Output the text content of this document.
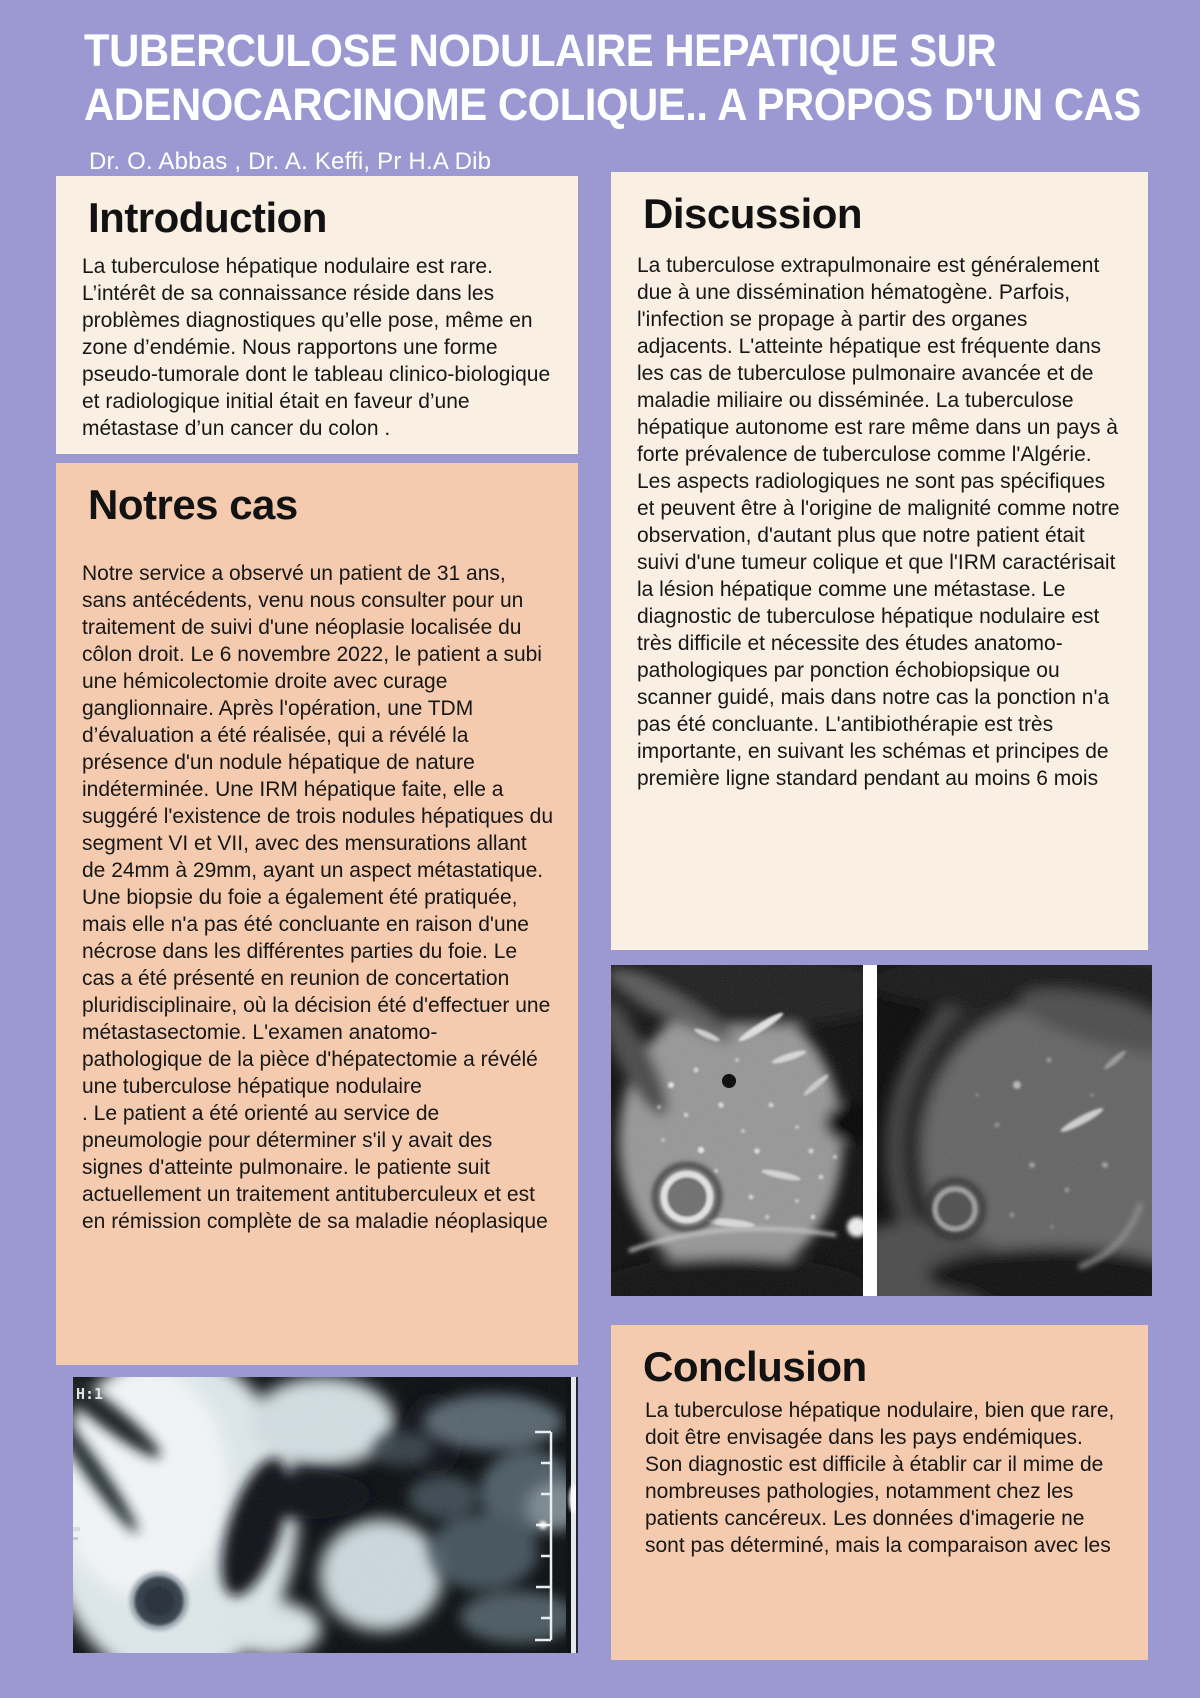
TUBERCULOSE NODULAIRE HEPATIQUE SUR
ADENOCARCINOME COLIQUE.. A PROPOS D'UN CAS
Dr. O. Abbas , Dr. A. Keffi, Pr H.A Dib
Introduction
La tuberculose hépatique nodulaire est rare. L’intérêt de sa connaissance réside dans les problèmes diagnostiques qu’elle pose, même en zone d’endémie. Nous rapportons une forme pseudo-tumorale dont le tableau clinico-biologique et radiologique initial était en faveur d’une métastase d’un cancer du colon .
Notres cas
Notre service a observé un patient de 31 ans, sans antécédents, venu nous consulter pour un traitement de suivi d'une néoplasie localisée du côlon droit. Le 6 novembre 2022, le patient a subi une hémicolectomie droite avec curage ganglionnaire. Après l'opération, une TDM d’évaluation a été réalisée, qui a révélé la présence d'un nodule hépatique de nature indéterminée. Une IRM hépatique faite, elle a suggéré l'existence de trois nodules hépatiques du segment VI et VII, avec des mensurations allant de 24mm à 29mm, ayant un aspect métastatique. Une biopsie du foie a également été pratiquée, mais elle n'a pas été concluante en raison d'une nécrose dans les différentes parties du foie. Le cas a été présenté en reunion de concertation pluridisciplinaire, où la décision été d'effectuer une métastasectomie. L'examen anatomo-pathologique de la pièce d'hépatectomie a révélé une tuberculose hépatique nodulaire
. Le patient a été orienté au service de pneumologie pour déterminer s'il y avait des signes d'atteinte pulmonaire. le patiente suit actuellement un traitement antituberculeux et est en rémission complète de sa maladie néoplasique
Discussion
La tuberculose extrapulmonaire est généralement due à une dissémination hématogène. Parfois, l'infection se propage à partir des organes adjacents. L'atteinte hépatique est fréquente dans les cas de tuberculose pulmonaire avancée et de maladie miliaire ou disséminée. La tuberculose hépatique autonome est rare même dans un pays à forte prévalence de tuberculose comme l'Algérie. Les aspects radiologiques ne sont pas spécifiques et peuvent être à l'origine de malignité comme notre observation, d'autant plus que notre patient était suivi d'une tumeur colique et que l'IRM caractérisait la lésion hépatique comme une métastase. Le diagnostic de tuberculose hépatique nodulaire est très difficile et nécessite des études anatomo-pathologiques par ponction échobiopsique ou scanner guidé, mais dans notre cas la ponction n'a pas été concluante. L'antibiothérapie est très importante, en suivant les schémas et principes de première ligne standard pendant au moins 6 mois
Conclusion
La tuberculose hépatique nodulaire, bien que rare, doit être envisagée dans les pays endémiques. Son diagnostic est difficile à établir car il mime de nombreuses pathologies, notamment chez les patients cancéreux. Les données d'imagerie ne sont pas déterminé, mais la comparaison avec les
H:1
